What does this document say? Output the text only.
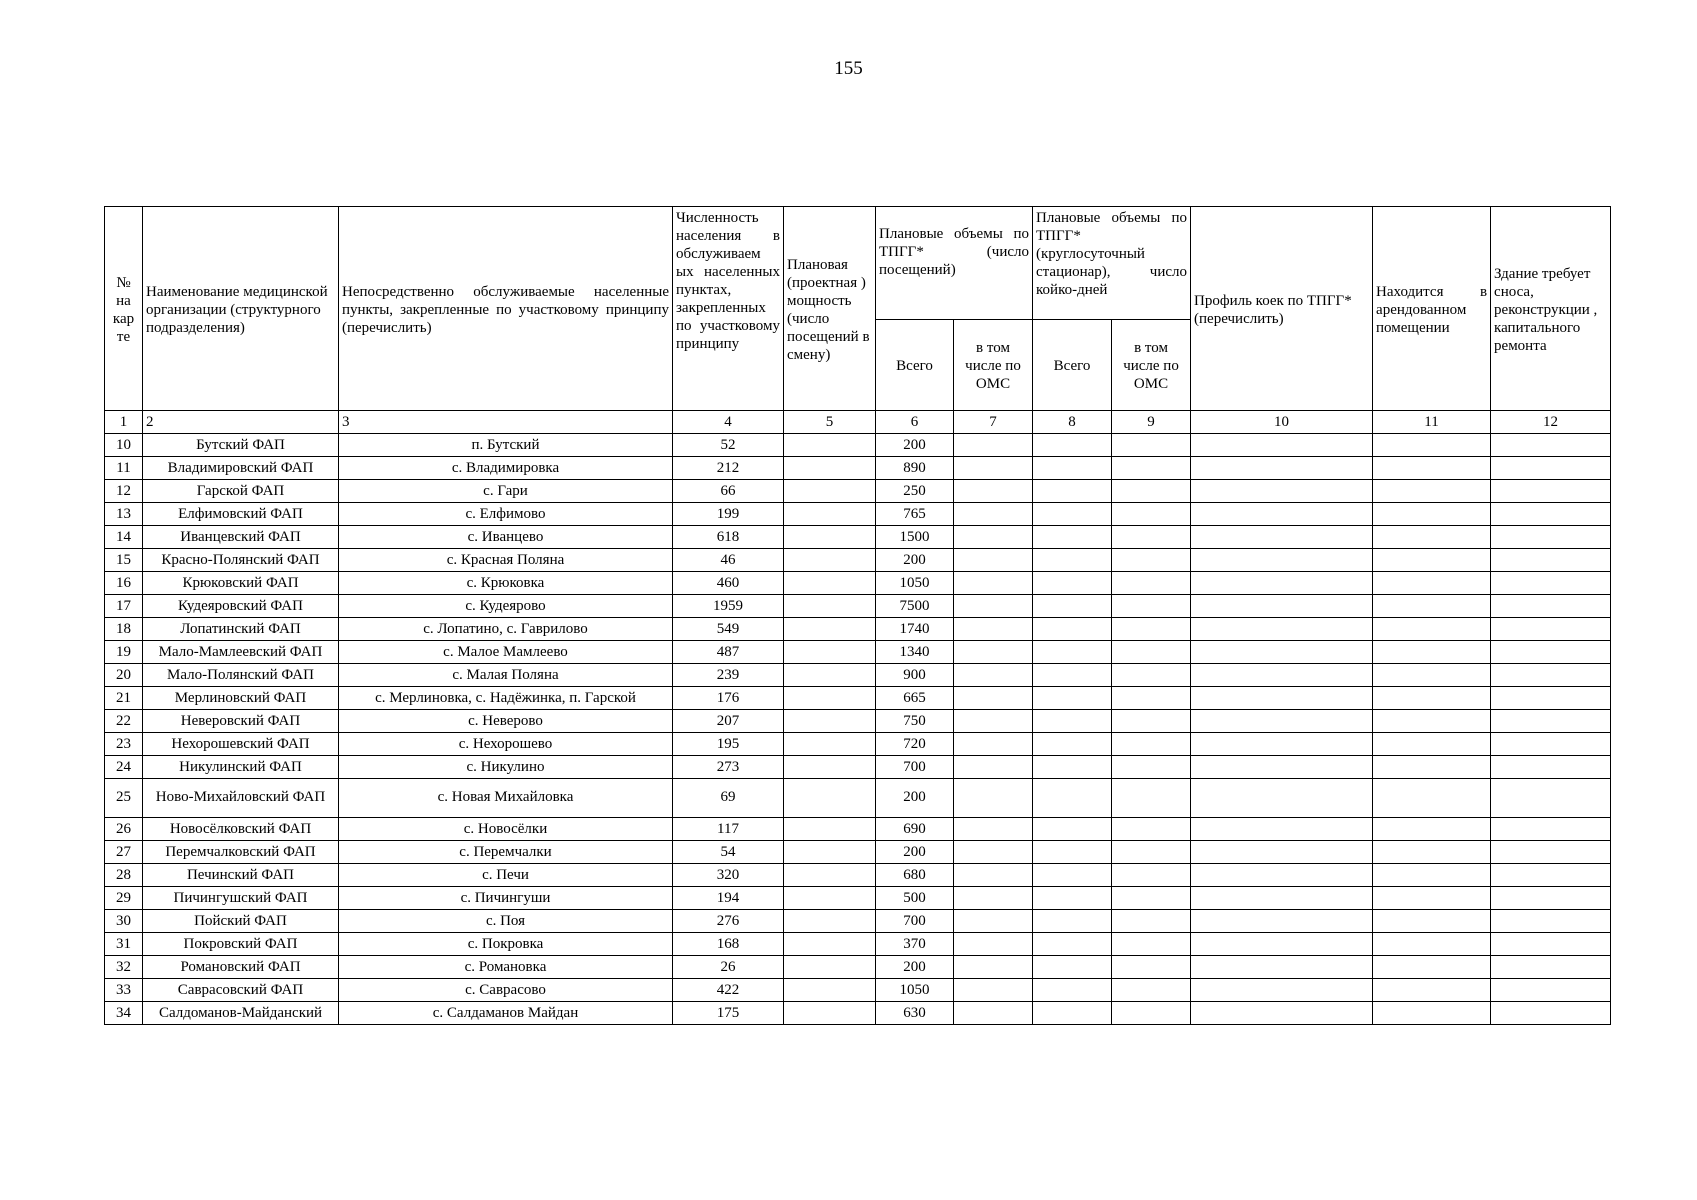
155
№ на кар те	Наименование медицинской организации (структурного подразделения)	Непосредственно обслуживаемые населенные пункты, закрепленные по участковому принципу (перечислить)	Численность населения в обслуживаем ых населенных пунктах, закрепленных по участковому принципу	Плановая (проектная ) мощность (число посещений в смену)	Плановые объемы по ТПГГ* (число посещений)		Плановые объемы по ТПГГ* (круглосуточный стационар), число койко-дней		Профиль коек по ТПГГ* (перечислить)	Находится в арендованном помещении	Здание требует сноса, реконструкции , капитального ремонта
					Всего	в том числе по ОМС	Всего	в том числе по ОМС			
1	2	3	4	5	6	7	8	9	10	11	12
10	Бутский ФАП	п. Бутский	52		200						
11	Владимировский ФАП	с. Владимировка	212		890						
12	Гарской ФАП	с. Гари	66		250						
13	Елфимовский ФАП	с. Елфимово	199		765						
14	Иванцевский ФАП	с. Иванцево	618		1500						
15	Красно-Полянский ФАП	с. Красная Поляна	46		200						
16	Крюковский ФАП	с. Крюковка	460		1050						
17	Кудеяровский ФАП	с. Кудеярово	1959		7500						
18	Лопатинский ФАП	с. Лопатино, с. Гаврилово	549		1740						
19	Мало-Мамлеевский ФАП	с. Малое Мамлеево	487		1340						
20	Мало-Полянский ФАП	с. Малая Поляна	239		900						
21	Мерлиновский ФАП	с. Мерлиновка, с. Надёжинка, п. Гарской	176		665						
22	Неверовский ФАП	с. Неверово	207		750						
23	Нехорошевский ФАП	с. Нехорошево	195		720						
24	Никулинский ФАП	с. Никулино	273		700						
25	Ново-Михайловский ФАП	с. Новая Михайловка	69		200						
26	Новосёлковский ФАП	с. Новосёлки	117		690						
27	Перемчалковский ФАП	с. Перемчалки	54		200						
28	Печинский ФАП	с. Печи	320		680						
29	Пичингушский ФАП	с. Пичингуши	194		500						
30	Пойский ФАП	с. Поя	276		700						
31	Покровский ФАП	с. Покровка	168		370						
32	Романовский ФАП	с. Романовка	26		200						
33	Саврасовский ФАП	с. Саврасово	422		1050						
34	Салдоманов-Майданский	с. Салдаманов Майдан	175		630						
